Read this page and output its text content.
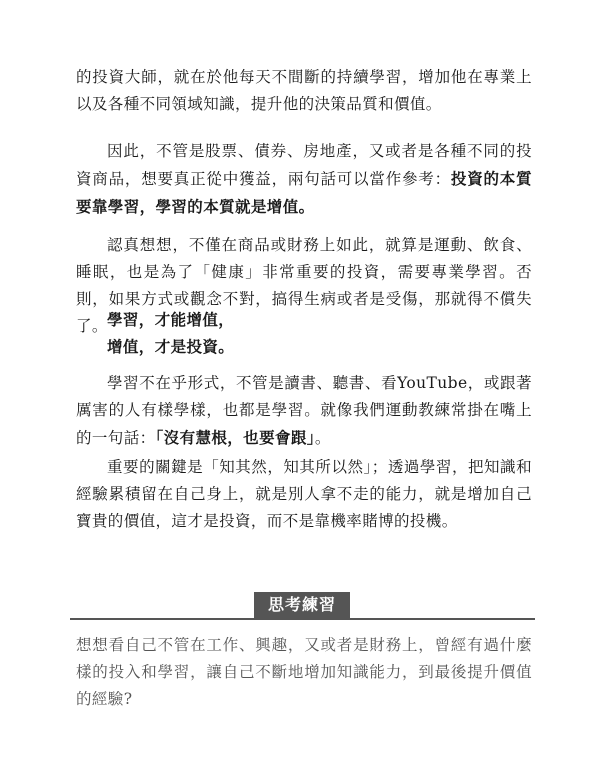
的投資大師，就在於他每天不間斷的持續學習，增加他在專業上以及各種不同領域知識，提升他的決策品質和價值。

因此，不管是股票、債券、房地產，又或者是各種不同的投資商品，想要真正從中獲益，兩句話可以當作參考：投資的本質要靠學習，學習的本質就是增值。

認真想想，不僅在商品或財務上如此，就算是運動、飲食、睡眠，也是為了「健康」非常重要的投資，需要專業學習。否則，如果方式或觀念不對，搞得生病或者是受傷，那就得不償失了。 學習，才能增值，
增值，才是投資。

學習不在乎形式，不管是讀書、聽書、看YouTube，或跟著厲害的人有樣學樣，也都是學習。就像我們運動教練常掛在嘴上的一句話：「沒有慧根，也要會跟」。

重要的關鍵是「知其然，知其所以然」；透過學習，把知識和經驗累積留在自己身上，就是別人拿不走的能力，就是增加自己寶貴的價值，這才是投資，而不是靠機率賭博的投機。

思考練習

想想看自己不管在工作、興趣，又或者是財務上，曾經有過什麼樣的投入和學習，讓自己不斷地增加知識能力，到最後提升價值的經驗?
